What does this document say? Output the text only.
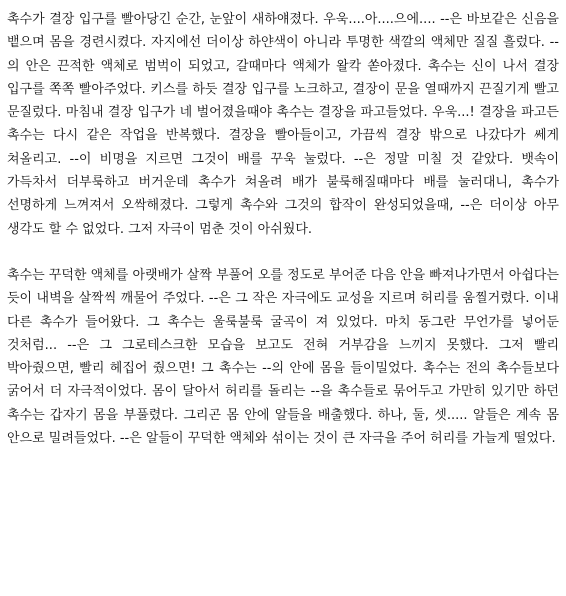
촉수가 결장 입구를 빨아당긴 순간, 눈앞이 새하얘졌다. 우욱....아....으에.... --은 바보같은 신음을 뱉으며 몸을 경련시켰다. 자지에선 더이상 하얀색이 아니라 투명한 색깔의 액체만 질질 흘렀다. --의 안은 끈적한 액체로 범벅이 되었고, 갈때마다 액체가 왈칵 쏟아졌다. 촉수는 신이 나서 결장 입구를 쪽쪽 빨아주었다. 키스를 하듯 결장 입구를 노크하고, 결장이 문을 열때까지 끈질기게 빨고 문질렀다. 마침내 결장 입구가 네 벌어졌을때야 촉수는 결장을 파고들었다. 우욱...! 결장을 파고든 촉수는 다시 같은 작업을 반복했다. 결장을 빨아들이고, 가끔씩 결장 밖으로 나갔다가 쎄게 쳐올리고. --이 비명을 지르면 그것이 배를 꾸욱 눌렀다. --은 정말 미칠 것 같았다. 뱃속이 가득차서 더부룩하고 버거운데 촉수가 쳐올려 배가 불룩해질때마다 배를 눌러대니, 촉수가 선명하게 느껴져서 오싹해졌다. 그렇게 촉수와 그것의 합작이 완성되었을때, --은 더이상 아무 생각도 할 수 없었다. 그저 자극이 멈춘 것이 아쉬웠다.

촉수는 꾸덕한 액체를 아랫배가 살짝 부풀어 오를 정도로 부어준 다음 안을 빠져나가면서 아쉽다는 듯이 내벽을 살짝씩 깨물어 주었다. --은 그 작은 자극에도 교성을 지르며 허리를 움찔거렸다. 이내 다른 촉수가 들어왔다. 그 촉수는 울룩불룩 굴곡이 져 있었다. 마치 동그란 무언가를 넣어둔 것처럼... --은 그 그로테스크한 모습을 보고도 전혀 거부감을 느끼지 못했다. 그저 빨리 박아줬으면, 빨리 헤집어 줬으면! 그 촉수는 --의 안에 몸을 들이밀었다. 촉수는 전의 촉수들보다 굵어서 더 자극적이었다. 몸이 달아서 허리를 돌리는 --을 촉수들로 묶어두고 가만히 있기만 하던 촉수는 갑자기 몸을 부풀렸다. 그리곤 몸 안에 알들을 배출했다. 하나, 둘, 셋..... 알들은 계속 몸 안으로 밀려들었다. --은 알들이 꾸덕한 액체와 섞이는 것이 큰 자극을 주어 허리를 가늘게 떨었다.
